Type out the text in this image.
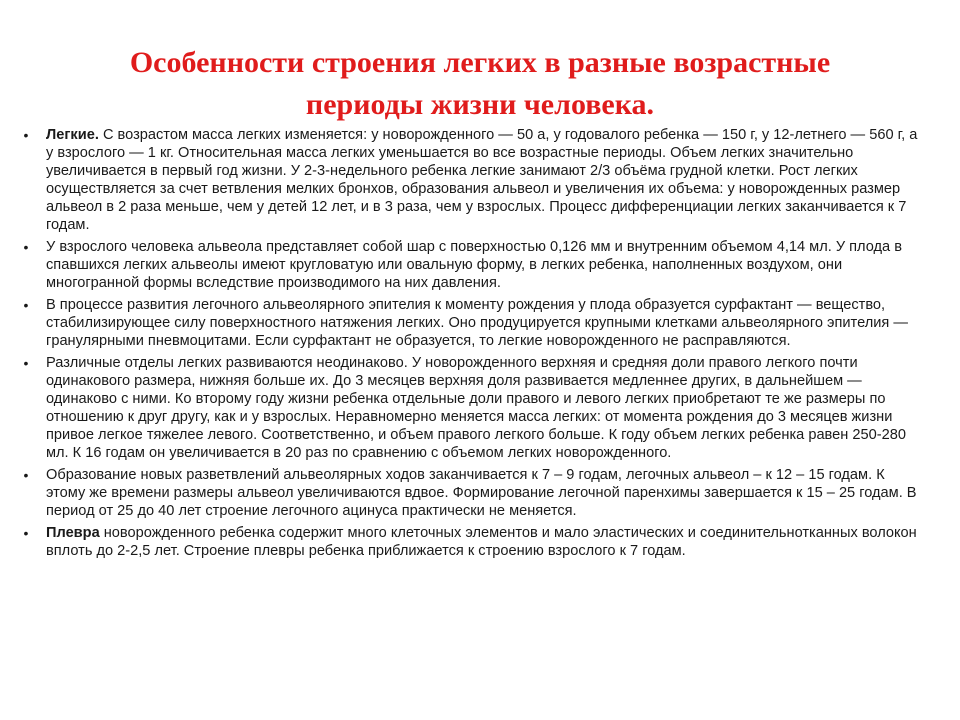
Особенности строения легких в разные возрастные
периоды жизни человека.
• Легкие. С возрастом масса легких изменяется: у новорожденного — 50 а, у годовалого ребенка — 150 г, у 12-летнего — 560 г, а у взрослого — 1 кг. Относительная масса легких уменьшается во все возрастные периоды. Объем легких значительно увеличивается в первый год жизни. У 2-3-недельного ребенка легкие занимают 2/3 объёма грудной клетки. Рост легких осуществляется за счет ветвления мелких бронхов, образования альвеол и увеличения их объема: у новорожденных размер альвеол в 2 раза меньше, чем у детей 12 лет, и в 3 раза, чем у взрослых. Процесс дифференциации легких заканчивается к 7 годам.
• У взрослого человека альвеола представляет собой шар с поверхностью 0,126 мм и внутренним объемом 4,14 мл. У плода в спавшихся легких альвеолы имеют кругловатую или овальную форму, в легких ребенка, наполненных воздухом, они многогранной формы вследствие производимого на них давления.
• В процессе развития легочного альвеолярного эпителия к моменту рождения у плода образуется сурфактант — вещество, стабилизирующее силу поверхностного натяжения легких. Оно продуцируется крупными клетками альвеолярного эпителия — гранулярными пневмоцитами. Если сурфактант не образуется, то легкие новорожденного не расправляются.
• Различные отделы легких развиваются неодинаково. У новорожденного верхняя и средняя доли правого легкого почти одинакового размера, нижняя больше их. До 3 месяцев верхняя доля развивается медленнее других, в дальнейшем — одинаково с ними. Ко второму году жизни ребенка отдельные доли правого и левого легких приобретают те же размеры по отношению к друг другу, как и у взрослых. Неравномерно меняется масса легких: от момента рождения до 3 месяцев жизни привое легкое тяжелее левого. Соответственно, и объем правого легкого больше. К году объем легких ребенка равен 250-280 мл. К 16 годам он увеличивается в 20 раз по сравнению с объемом легких новорожденного.
• Образование новых разветвлений альвеолярных ходов заканчивается к 7 – 9 годам, легочных альвеол – к 12 – 15 годам. К этому же времени размеры альвеол увеличиваются вдвое. Формирование легочной паренхимы завершается к 15 – 25 годам. В период от 25 до 40 лет строение легочного ацинуса практически не меняется.
• Плевра новорожденного ребенка содержит много клеточных элементов и мало эластических и соединительнотканных волокон вплоть до 2-2,5 лет. Строение плевры ребенка приближается к строению взрослого к 7 годам.
